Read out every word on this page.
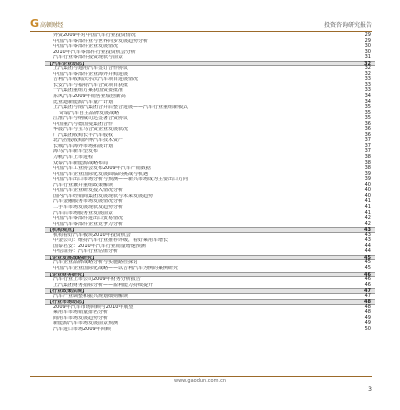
G 高顿财经	投资咨询研究报告
外资2009年对中国汽车行业投资情况	29
中国汽车零部件业与世界同步发展趋势分析	29
中国汽车零部件企业发展情况	30
2010年汽车零部件行业投资机会分析	30
汽车行业零部件投资现状与前景	31
【汽车企业动态】	32
上汽集团与通用汽车签订合作协议	32
中国汽车零部件企业海外并购进展	32
吉利汽车收购沃尔沃汽车项目进展情况	33
长安汽车与福特汽车合资项目获批	33
一汽集团重组方案获国资委批准	33
东风汽车2009年销售业绩创新高	34
比亚迪新能源汽车量产计划	34
上汽集团与南汽集团合并后整合进展——汽车行业重组新模式	35
奇瑞汽车自主品牌发展战略	35
江淮汽车与纳威司达签署合资协议	35
中国重汽与德国曼集团合作	36
华晨汽车与宝马合资企业发展状况	36
广汽集团收购长丰汽车股权	36
北汽控股收购萨博汽车技术资产	37
长城汽车海外市场拓展计划	37
海马汽车新车型发布	37
力帆汽车上市进程	38
众泰汽车新能源战略布局	38
中国汽车工业协会发布2009年汽车产销数据	38
中国汽车企业国际化发展面临的挑战与机遇	39
中国汽车出口市场分析与预测——新兴市场成为主要出口方向	39
汽车行业兼并重组政策解读	40
中国汽车企业研发投入情况分析	40
国内汽车经销商集团发展现状与未来发展趋势	40
汽车金融服务市场发展情况分析	41
二手车市场发展现状及趋势分析	41
汽车后市场服务业发展前景	41
中国汽车零部件进出口贸易情况	42
中国汽车零部件企业竞争力分析	42
【机构观点】	43
机构看好汽车板块2010年投资机会	43
中金公司：维持汽车行业推荐评级，看好乘用车增长	43
国泰君安：2010年汽车行业销量增速预测	44
中信证券：汽车行业估值分析	44
【企业发展战略研究】	45
汽车企业品牌战略分析与实施路径探讨	45
中国汽车企业国际化战略——以吉利汽车为例的案例研究	45
【企业财务研究】	46
汽车行业上市公司2009年财务分析报告	46
上汽集团财务指标分析——盈利能力持续提升	46
【行业政策法规】	47
汽车产业调整和振兴规划细则解读	47
【行业市场动态】	48
2009年汽车市场回顾与2010年展望	48
乘用车市场销量排名分析	48
商用车市场发展趋势分析	49
新能源汽车市场发展前景预测	49
汽车进口市场2009年回顾	50
www.gaodun.com.cn
3
